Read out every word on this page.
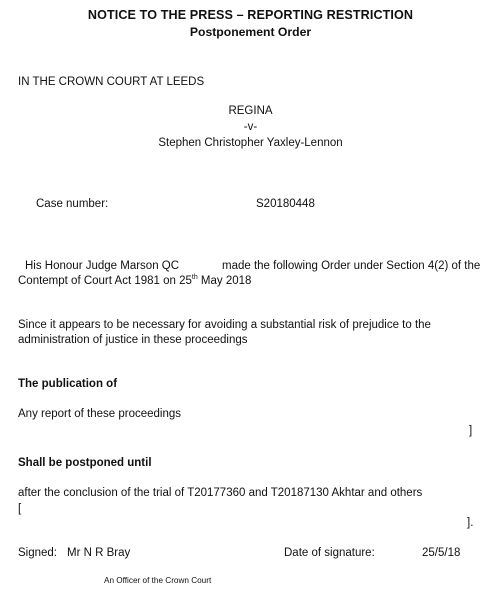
NOTICE TO THE PRESS – REPORTING RESTRICTION
Postponement Order
IN THE CROWN COURT AT LEEDS
REGINA
-v-
Stephen Christopher Yaxley-Lennon
Case number:	S20180448
His Honour Judge Marson QC	made the following Order under Section 4(2) of the
Contempt of Court Act 1981 on 25th May 2018
Since it appears to be necessary for avoiding a substantial risk of prejudice to the
administration of justice in these proceedings
The publication of
Any report of these proceedings
]
Shall be postponed until
after the conclusion of the trial of T20177360 and T20187130 Akhtar and others
[
].
Signed: Mr N R Bray	Date of signature:	25/5/18
An Officer of the Crown Court
